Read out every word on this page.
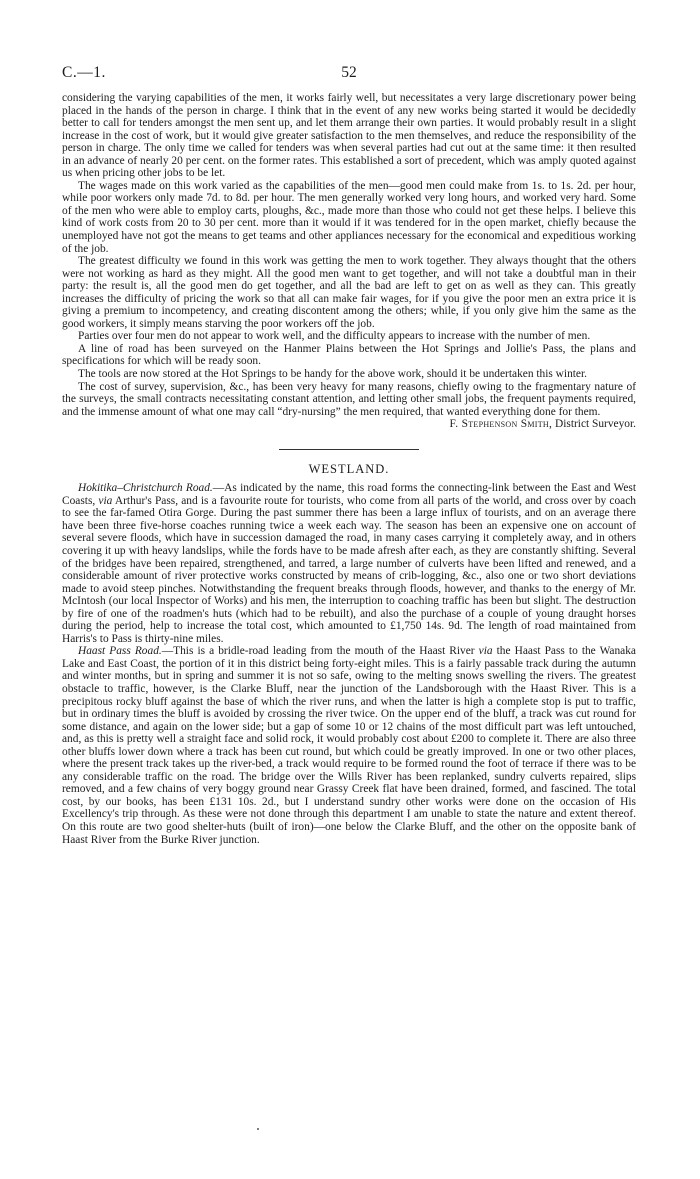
C.—1.	52

considering the varying capabilities of the men, it works fairly well, but necessitates a very large discretionary power being placed in the hands of the person in charge. I think that in the event of any new works being started it would be decidedly better to call for tenders amongst the men sent up, and let them arrange their own parties. It would probably result in a slight increase in the cost of work, but it would give greater satisfaction to the men themselves, and reduce the responsibility of the person in charge. The only time we called for tenders was when several parties had cut out at the same time: it then resulted in an advance of nearly 20 per cent. on the former rates. This established a sort of precedent, which was amply quoted against us when pricing other jobs to be let.

The wages made on this work varied as the capabilities of the men—good men could make from 1s. to 1s. 2d. per hour, while poor workers only made 7d. to 8d. per hour. The men generally worked very long hours, and worked very hard. Some of the men who were able to employ carts, ploughs, &c., made more than those who could not get these helps. I believe this kind of work costs from 20 to 30 per cent. more than it would if it was tendered for in the open market, chiefly because the unemployed have not got the means to get teams and other appliances necessary for the economical and expeditious working of the job.

The greatest difficulty we found in this work was getting the men to work together. They always thought that the others were not working as hard as they might. All the good men want to get together, and will not take a doubtful man in their party: the result is, all the good men do get together, and all the bad are left to get on as well as they can. This greatly increases the difficulty of pricing the work so that all can make fair wages, for if you give the poor men an extra price it is giving a premium to incompetency, and creating discontent among the others; while, if you only give him the same as the good workers, it simply means starving the poor workers off the job.

Parties over four men do not appear to work well, and the difficulty appears to increase with the number of men.

A line of road has been surveyed on the Hanmer Plains between the Hot Springs and Jollie's Pass, the plans and specifications for which will be ready soon.

The tools are now stored at the Hot Springs to be handy for the above work, should it be undertaken this winter.

The cost of survey, supervision, &c., has been very heavy for many reasons, chiefly owing to the fragmentary nature of the surveys, the small contracts necessitating constant attention, and letting other small jobs, the frequent payments required, and the immense amount of what one may call “dry-nursing” the men required, that wanted everything done for them.

F. Stephenson Smith, District Surveyor.
WESTLAND.

Hokitika–Christchurch Road.—As indicated by the name, this road forms the connecting-link between the East and West Coasts, via Arthur's Pass, and is a favourite route for tourists, who come from all parts of the world, and cross over by coach to see the far-famed Otira Gorge. During the past summer there has been a large influx of tourists, and on an average there have been three five-horse coaches running twice a week each way. The season has been an expensive one on account of several severe floods, which have in succession damaged the road, in many cases carrying it completely away, and in others covering it up with heavy landslips, while the fords have to be made afresh after each, as they are constantly shifting. Several of the bridges have been repaired, strengthened, and tarred, a large number of culverts have been lifted and renewed, and a considerable amount of river protective works constructed by means of crib-logging, &c., also one or two short deviations made to avoid steep pinches. Notwithstanding the frequent breaks through floods, however, and thanks to the energy of Mr. McIntosh (our local Inspector of Works) and his men, the interruption to coaching traffic has been but slight. The destruction by fire of one of the roadmen's huts (which had to be rebuilt), and also the purchase of a couple of young draught horses during the period, help to increase the total cost, which amounted to £1,750 14s. 9d. The length of road maintained from Harris's to Pass is thirty-nine miles.

Haast Pass Road.—This is a bridle-road leading from the mouth of the Haast River via the Haast Pass to the Wanaka Lake and East Coast, the portion of it in this district being forty-eight miles. This is a fairly passable track during the autumn and winter months, but in spring and summer it is not so safe, owing to the melting snows swelling the rivers. The greatest obstacle to traffic, however, is the Clarke Bluff, near the junction of the Landsborough with the Haast River. This is a precipitous rocky bluff against the base of which the river runs, and when the latter is high a complete stop is put to traffic, but in ordinary times the bluff is avoided by crossing the river twice. On the upper end of the bluff, a track was cut round for some distance, and again on the lower side; but a gap of some 10 or 12 chains of the most difficult part was left untouched, and, as this is pretty well a straight face and solid rock, it would probably cost about £200 to complete it. There are also three other bluffs lower down where a track has been cut round, but which could be greatly improved. In one or two other places, where the present track takes up the river-bed, a track would require to be formed round the foot of terrace if there was to be any considerable traffic on the road. The bridge over the Wills River has been replanked, sundry culverts repaired, slips removed, and a few chains of very boggy ground near Grassy Creek flat have been drained, formed, and fascined. The total cost, by our books, has been £131 10s. 2d., but I understand sundry other works were done on the occasion of His Excellency's trip through. As these were not done through this department I am unable to state the nature and extent thereof. On this route are two good shelter-huts (built of iron)—one below the Clarke Bluff, and the other on the opposite bank of Haast River from the Burke River junction.
